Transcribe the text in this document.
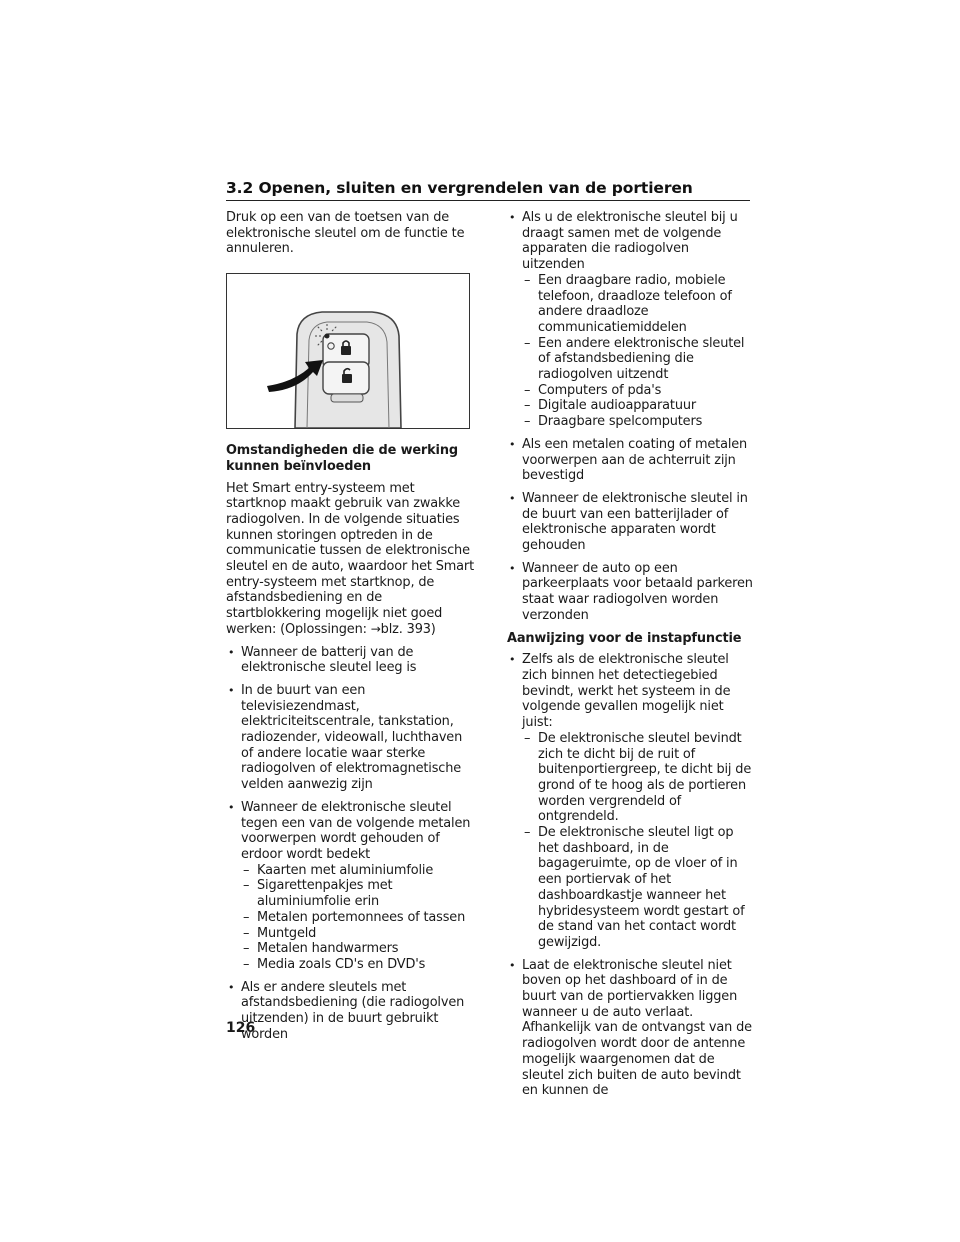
3.2 Openen, sluiten en vergrendelen van de portieren

Druk op een van de toetsen van de elektronische sleutel om de functie te annuleren.

Omstandigheden die de werking kunnen beïnvloeden

Het Smart entry-systeem met startknop maakt gebruik van zwakke radiogolven. In de volgende situaties kunnen storingen optreden in de communicatie tussen de elektronische sleutel en de auto, waardoor het Smart entry-systeem met startknop, de afstandsbediening en de startblokkering mogelijk niet goed werken: (Oplossingen: →blz. 393)

• Wanneer de batterij van de elektronische sleutel leeg is
• In de buurt van een televisiezendmast, elektriciteitscentrale, tankstation, radiozender, videowall, luchthaven of andere locatie waar sterke radiogolven of elektromagnetische velden aanwezig zijn
• Wanneer de elektronische sleutel tegen een van de volgende metalen voorwerpen wordt gehouden of erdoor wordt bedekt
– Kaarten met aluminiumfolie
– Sigarettenpakjes met aluminiumfolie erin
– Metalen portemonnees of tassen
– Muntgeld
– Metalen handwarmers
– Media zoals CD's en DVD's
• Als er andere sleutels met afstandsbediening (die radiogolven uitzenden) in de buurt gebruikt worden
• Als u de elektronische sleutel bij u draagt samen met de volgende apparaten die radiogolven uitzenden
– Een draagbare radio, mobiele telefoon, draadloze telefoon of andere draadloze communicatiemiddelen
– Een andere elektronische sleutel of afstandsbediening die radiogolven uitzendt
– Computers of pda's
– Digitale audioapparatuur
– Draagbare spelcomputers
• Als een metalen coating of metalen voorwerpen aan de achterruit zijn bevestigd
• Wanneer de elektronische sleutel in de buurt van een batterijlader of elektronische apparaten wordt gehouden
• Wanneer de auto op een parkeerplaats voor betaald parkeren staat waar radiogolven worden verzonden

Aanwijzing voor de instapfunctie

• Zelfs als de elektronische sleutel zich binnen het detectiegebied bevindt, werkt het systeem in de volgende gevallen mogelijk niet juist:
– De elektronische sleutel bevindt zich te dicht bij de ruit of buitenportiergreep, te dicht bij de grond of te hoog als de portieren worden vergrendeld of ontgrendeld.
– De elektronische sleutel ligt op het dashboard, in de bagageruimte, op de vloer of in een portiervak of het dashboardkastje wanneer het hybridesysteem wordt gestart of de stand van het contact wordt gewijzigd.
• Laat de elektronische sleutel niet boven op het dashboard of in de buurt van de portiervakken liggen wanneer u de auto verlaat. Afhankelijk van de ontvangst van de radiogolven wordt door de antenne mogelijk waargenomen dat de sleutel zich buiten de auto bevindt en kunnen de
126
